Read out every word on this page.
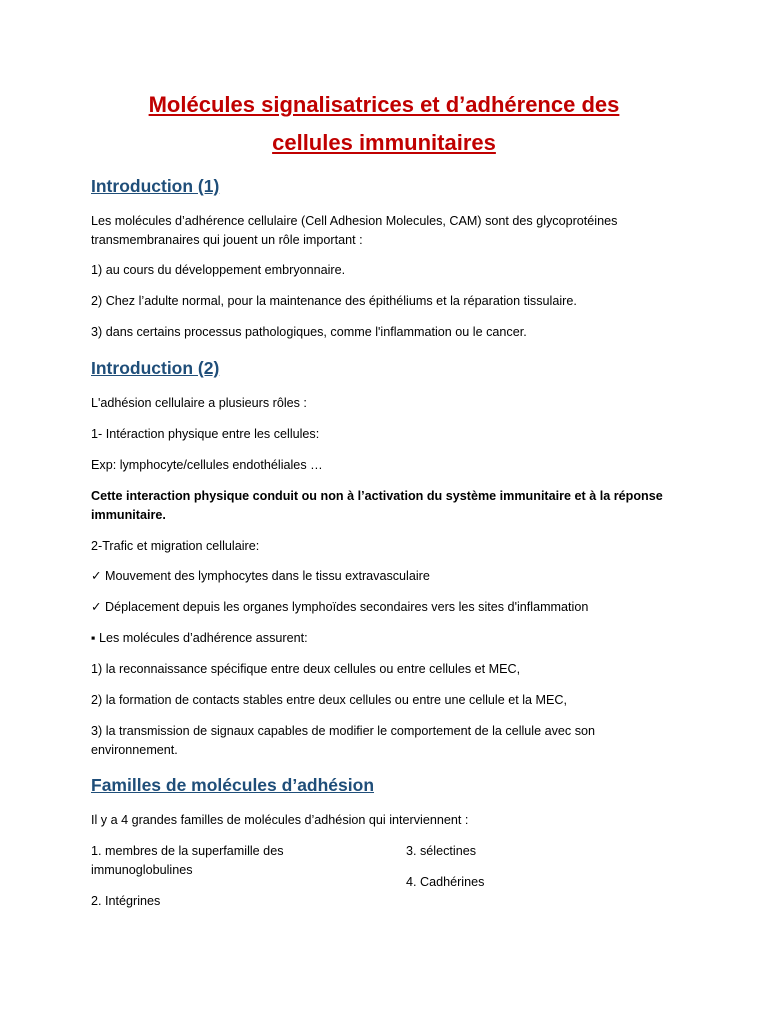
Molécules signalisatrices et d’adhérence des
cellules immunitaires
Introduction (1)

Les molécules d’adhérence cellulaire (Cell Adhesion Molecules, CAM) sont des glycoprotéines transmembranaires qui jouent un rôle important :

1) au cours du développement embryonnaire.

2) Chez l’adulte normal, pour la maintenance des épithéliums et la réparation tissulaire.

3) dans certains processus pathologiques, comme l'inflammation ou le cancer.

Introduction (2)

L'adhésion cellulaire a plusieurs rôles :

1- Intéraction physique entre les cellules:

Exp: lymphocyte/cellules endothéliales …

Cette interaction physique conduit ou non à l’activation du système immunitaire et à la réponse immunitaire.

2-Trafic et migration cellulaire:

✓ Mouvement des lymphocytes dans le tissu extravasculaire

✓ Déplacement depuis les organes lymphoïdes secondaires vers les sites d'inflammation

▪ Les molécules d’adhérence assurent:

1) la reconnaissance spécifique entre deux cellules ou entre cellules et MEC,

2) la formation de contacts stables entre deux cellules ou entre une cellule et la MEC,

3) la transmission de signaux capables de modifier le comportement de la cellule avec son environnement.

Familles de molécules d’adhésion

Il y a 4 grandes familles de molécules d’adhésion qui interviennent :

1. membres de la superfamille des immunoglobulines

2. Intégrines

3. sélectines

4. Cadhérines
